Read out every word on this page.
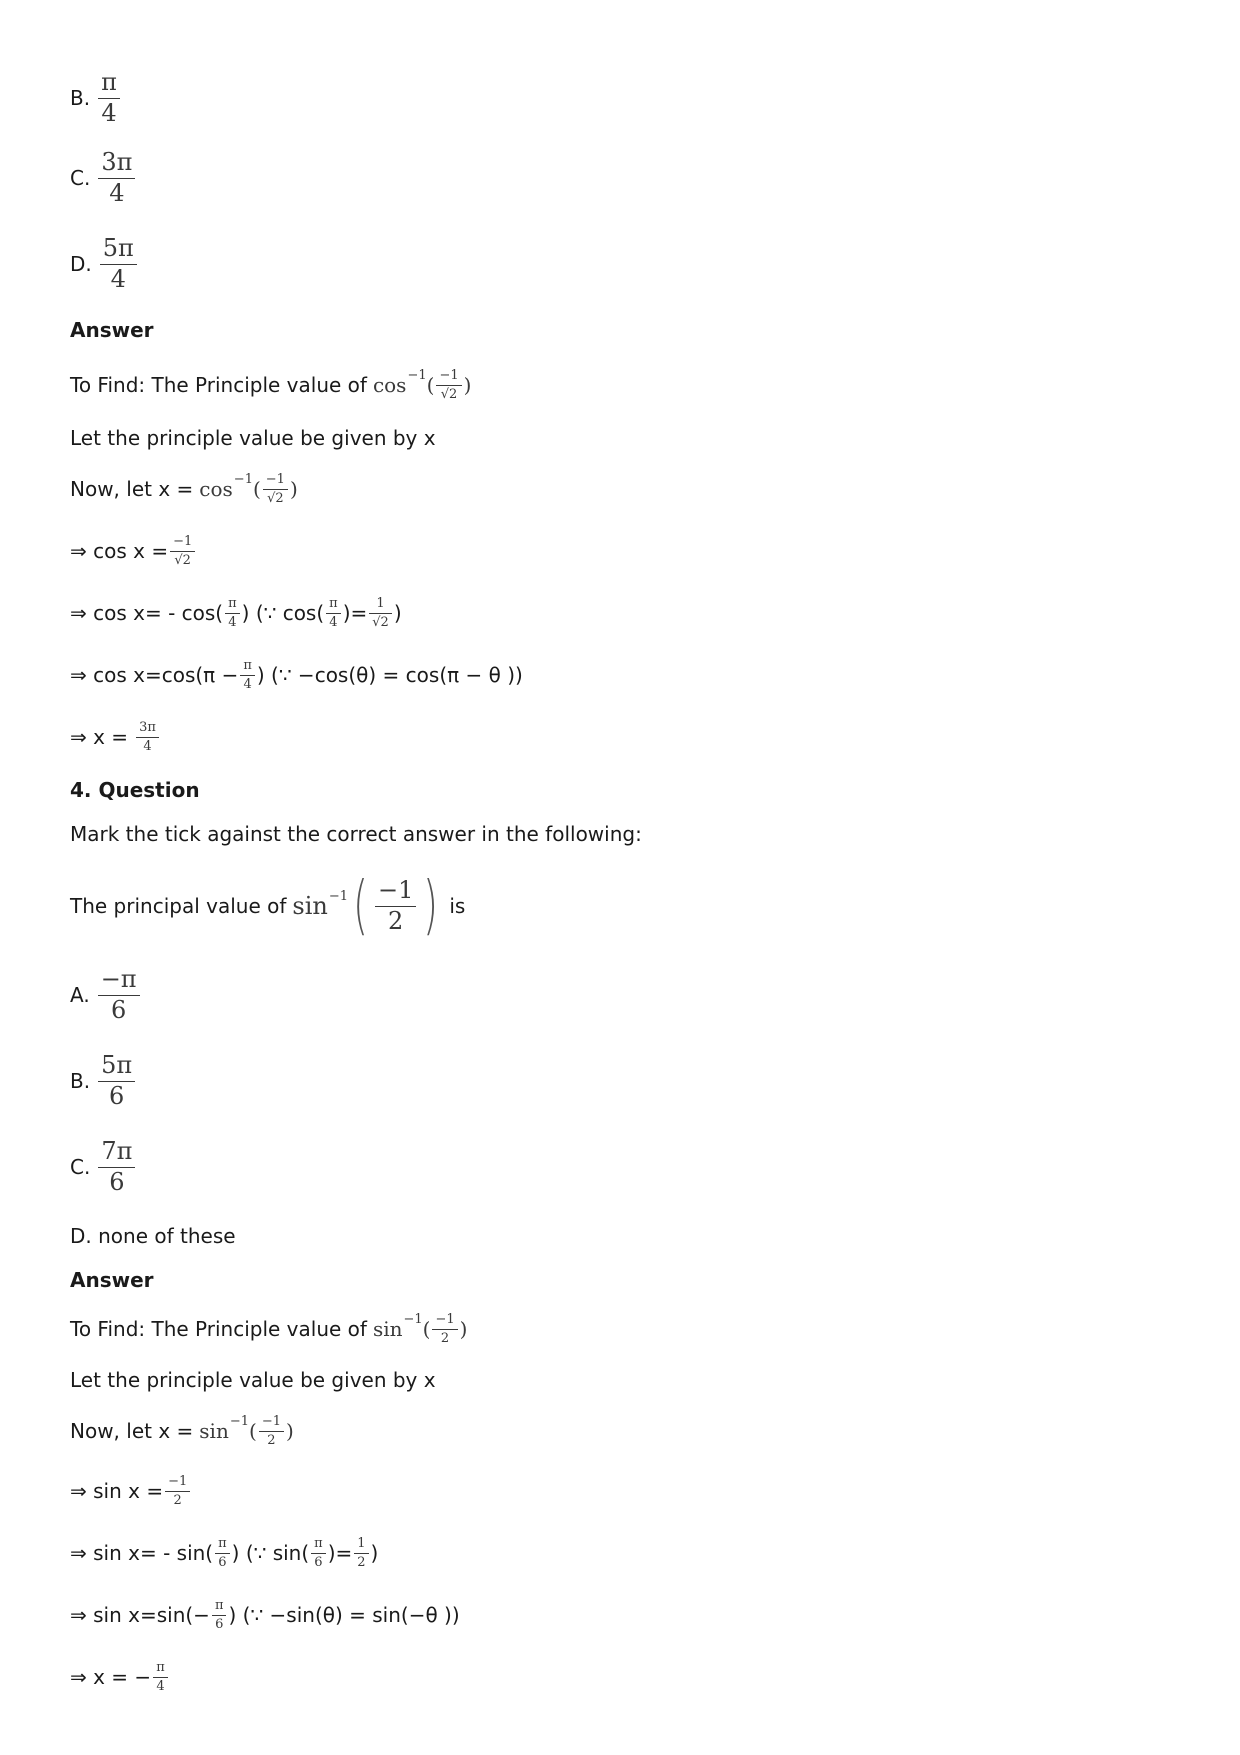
B.
π
4
C.
3π
4
D.
5π
4
Answer
To Find: The Principle value of cos −1 ( −1
√2 )
Let the principle value be given by x
Now, let x = cos −1 ( −1
√2 )
⇒ cos x = −1
√2
⇒ cos x= - cos( π
4 ) (∵ cos( π
4 )= 1
√2 )
⇒ cos x=cos(π − π
4 ) (∵ −cos(θ) = cos(π − θ ))
⇒ x = 3π
4
4. Question
Mark the tick against the correct answer in the following:
The principal value of sin −1 ( −1
2 ) is
A.
−π
6
B.
5π
6
C.
7π
6
D. none of these
Answer
To Find: The Principle value of sin −1 ( −1
2 )
Let the principle value be given by x
Now, let x = sin −1 ( −1
2 )
⇒ sin x = −1
2
⇒ sin x= - sin( π
6 ) (∵ sin( π
6 )= 1
2 )
⇒ sin x=sin(− π
6 ) (∵ −sin(θ) = sin(−θ ))
⇒ x = − π
4
